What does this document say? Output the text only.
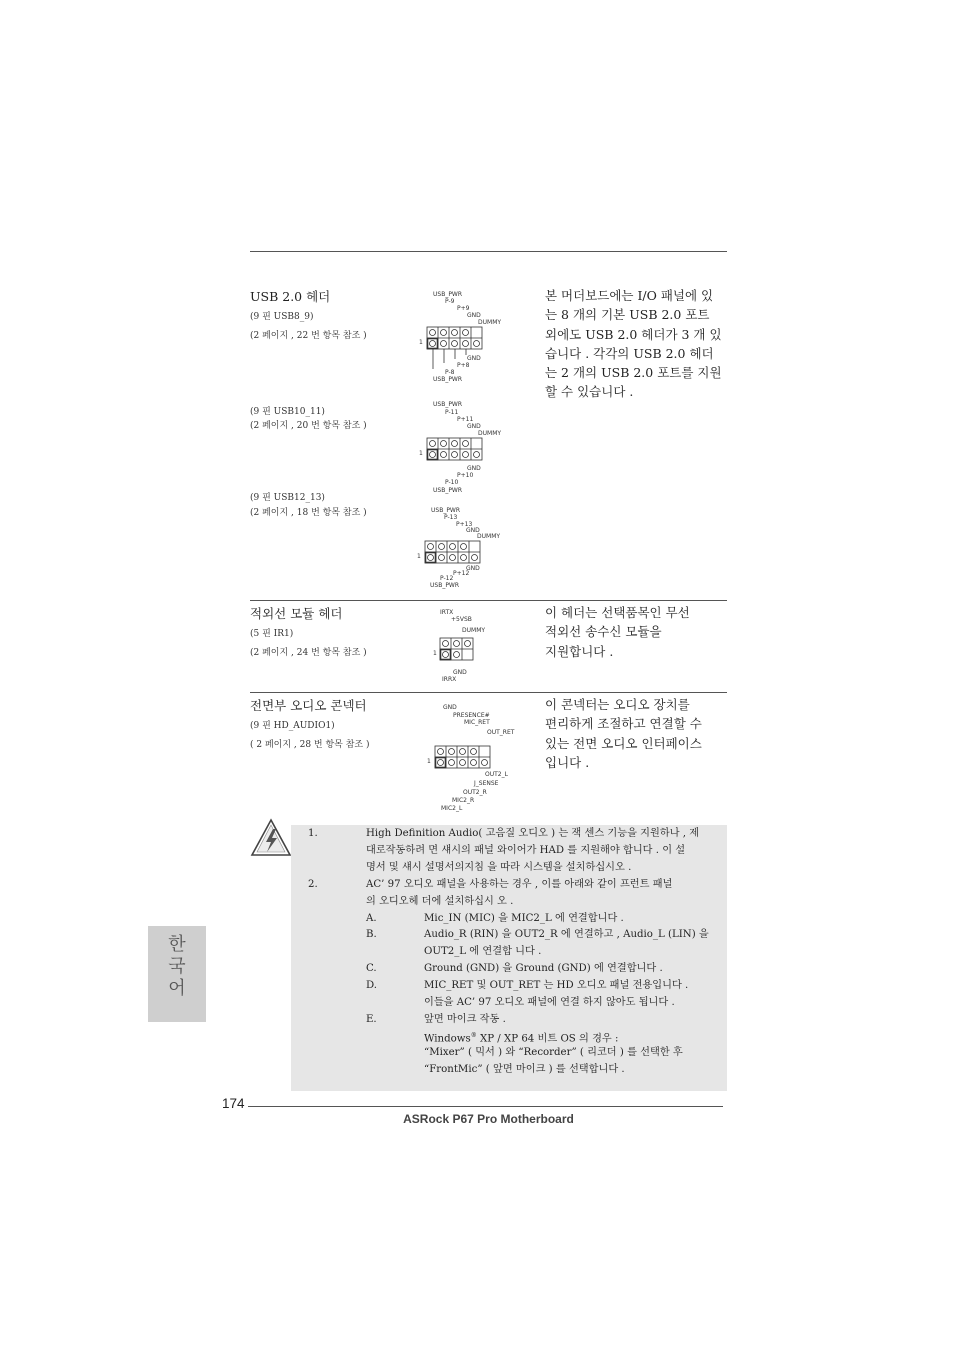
USB 2.0 헤더
(9 핀 USB8_9)
(2 페이지 , 22 번 항목 참조 )
(9 핀 USB10_11)
(2 페이지 , 20 번 항목 참조 )
(9 핀 USB12_13)
(2 페이지 , 18 번 항목 참조 )
본 머더보드에는 I/O 패널에 있
는 8 개의 기본 USB 2.0 포트
외에도 USB 2.0 헤더가 3 개 있
습니다 . 각각의 USB 2.0 헤더
는 2 개의 USB 2.0 포트를 지원
할 수 있습니다 .
USB_PWR
P-9
P+9
GND
DUMMY
1
GND
P+8
P-8
USB_PWR
USB_PWR
P-11
P+11
GND
DUMMY
1
GND
P+10
P-10
USB_PWR
USB_PWR
P-13
P+13
GND
DUMMY
1
GND
P+12
P-12
USB_PWR
적외선 모듈 헤더
(5 핀 IR1)
(2 페이지 , 24 번 항목 참조 )
이 헤더는 선택품목인 무선
적외선 송수신 모듈을
지원합니다 .
IRTX
+5VSB
DUMMY
1
GND
IRRX
전면부 오디오 콘넥터
(9 핀 HD_AUDIO1)
( 2 페이지 , 28 번 항목 참조 )
이 콘넥터는 오디오 장치를
편리하게 조절하고 연결할 수
있는 전면 오디오 인터페이스
입니다 .
GND
PRESENCE#
MIC_RET
OUT_RET
1
OUT2_L
J_SENSE
OUT2_R
MIC2_R
MIC2_L
1.	High Definition Audio( 고음질 오디오 ) 는 잭 센스 기능을 지원하나 , 제
대로작동하려 면 섀시의 패널 와이어가 HAD 를 지원해야 합니다 . 이 설
명서 및 섀시 설명서의지침 을 따라 시스템을 설치하십시오 .
2.	AC’ 97 오디오 패널을 사용하는 경우 , 이를 아래와 같이 프런트 패널
의 오디오헤 더에 설치하십시 오 .
A.	Mic_IN (MIC) 을 MIC2_L 에 연결합니다 .
B.	Audio_R (RIN) 을 OUT2_R 에 연결하고 , Audio_L (LIN) 을
OUT2_L 에 연결합 니다 .
C.	Ground (GND) 을 Ground (GND) 에 연결합니다 .
D.	MIC_RET 및 OUT_RET 는 HD 오디오 패널 전용입니다 .
이들을 AC’ 97 오디오 패널에 연결 하지 않아도 됩니다 .
E.	앞면 마이크 작동 .
Windows® XP / XP 64 비트 OS 의 경우 :
“Mixer” ( 믹서 ) 와 “Recorder” ( 리코더 ) 를 선택한 후
“FrontMic” ( 앞면 마이크 ) 를 선택합니다 .
한
국
어
174
ASRock P67 Pro Motherboard
